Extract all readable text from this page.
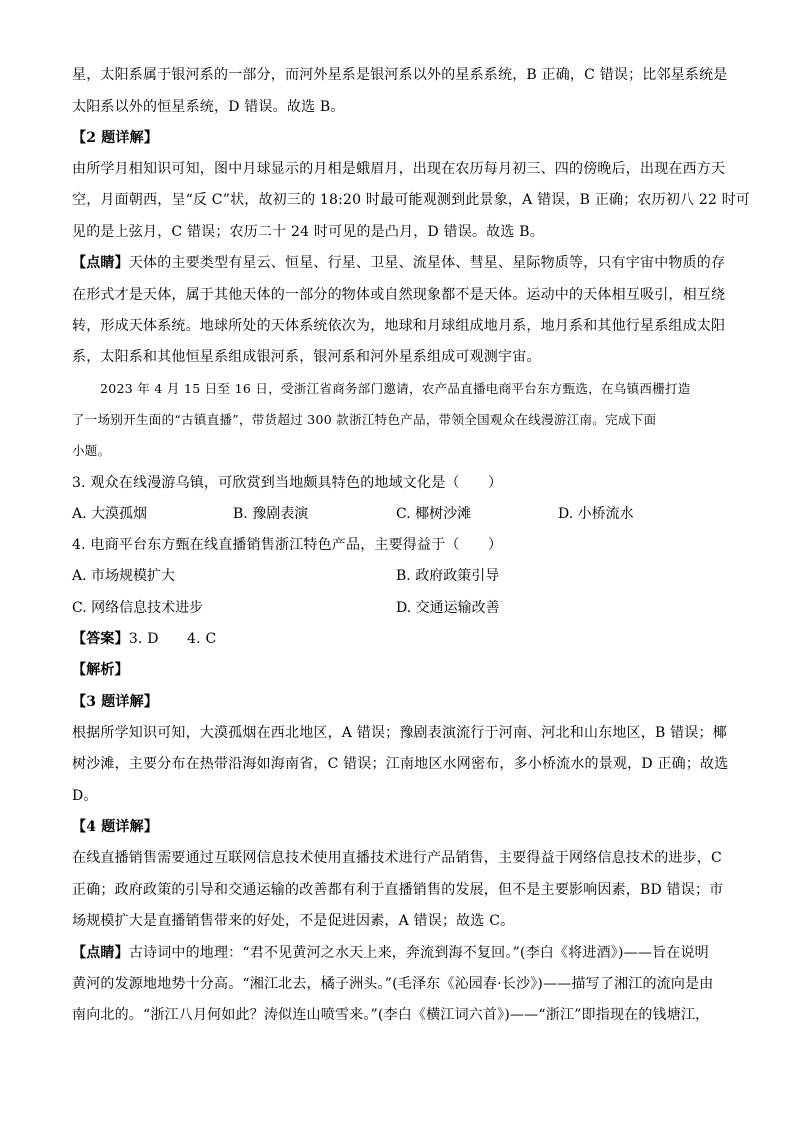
星，太阳系属于银河系的一部分，而河外星系是银河系以外的星系系统，B 正确，C 错误；比邻星系统是
太阳系以外的恒星系统，D 错误。故选 B。
【2 题详解】
由所学月相知识可知，图中月球显示的月相是蛾眉月，出现在农历每月初三、四的傍晚后，出现在西方天
空，月面朝西，呈“反 C”状，故初三的 18:20 时最可能观测到此景象，A 错误，B 正确；农历初八 22 时可
见的是上弦月，C 错误；农历二十 24 时可见的是凸月，D 错误。故选 B。
【点睛】天体的主要类型有星云、恒星、行星、卫星、流星体、彗星、星际物质等，只有宇宙中物质的存
在形式才是天体，属于其他天体的一部分的物体或自然现象都不是天体。运动中的天体相互吸引，相互绕
转，形成天体系统。地球所处的天体系统依次为，地球和月球组成地月系，地月系和其他行星系组成太阳
系，太阳系和其他恒星系组成银河系，银河系和河外星系组成可观测宇宙。
2023 年 4 月 15 日至 16 日，受浙江省商务部门邀请，农产品直播电商平台东方甄选，在乌镇西栅打造
了一场别开生面的“古镇直播”，带货超过 300 款浙江特色产品，带领全国观众在线漫游江南。完成下面
小题。
3. 观众在线漫游乌镇，可欣赏到当地颇具特色的地域文化是（　　）
A. 大漠孤烟	B. 豫剧表演	C. 椰树沙滩	D. 小桥流水
4. 电商平台东方甄在线直播销售浙江特色产品，主要得益于（　　）
A. 市场规模扩大	B. 政府政策引导
C. 网络信息技术进步	D. 交通运输改善
【答案】3. D　　4. C
【解析】
【3 题详解】
根据所学知识可知，大漠孤烟在西北地区，A 错误；豫剧表演流行于河南、河北和山东地区，B 错误；椰
树沙滩，主要分布在热带沿海如海南省，C 错误；江南地区水网密布，多小桥流水的景观，D 正确；故选
D。
【4 题详解】
在线直播销售需要通过互联网信息技术使用直播技术进行产品销售，主要得益于网络信息技术的进步，C
正确；政府政策的引导和交通运输的改善都有利于直播销售的发展，但不是主要影响因素，BD 错误；市
场规模扩大是直播销售带来的好处，不是促进因素，A 错误；故选 C。
【点睛】古诗词中的地理：“君不见黄河之水天上来，奔流到海不复回。”(李白《将进酒》)——旨在说明
黄河的发源地地势十分高。“湘江北去，橘子洲头。”(毛泽东《沁园春·长沙》)——描写了湘江的流向是由
南向北的。“浙江八月何如此？涛似连山喷雪来。”(李白《横江词六首》)——“浙江”即指现在的钱塘江，
